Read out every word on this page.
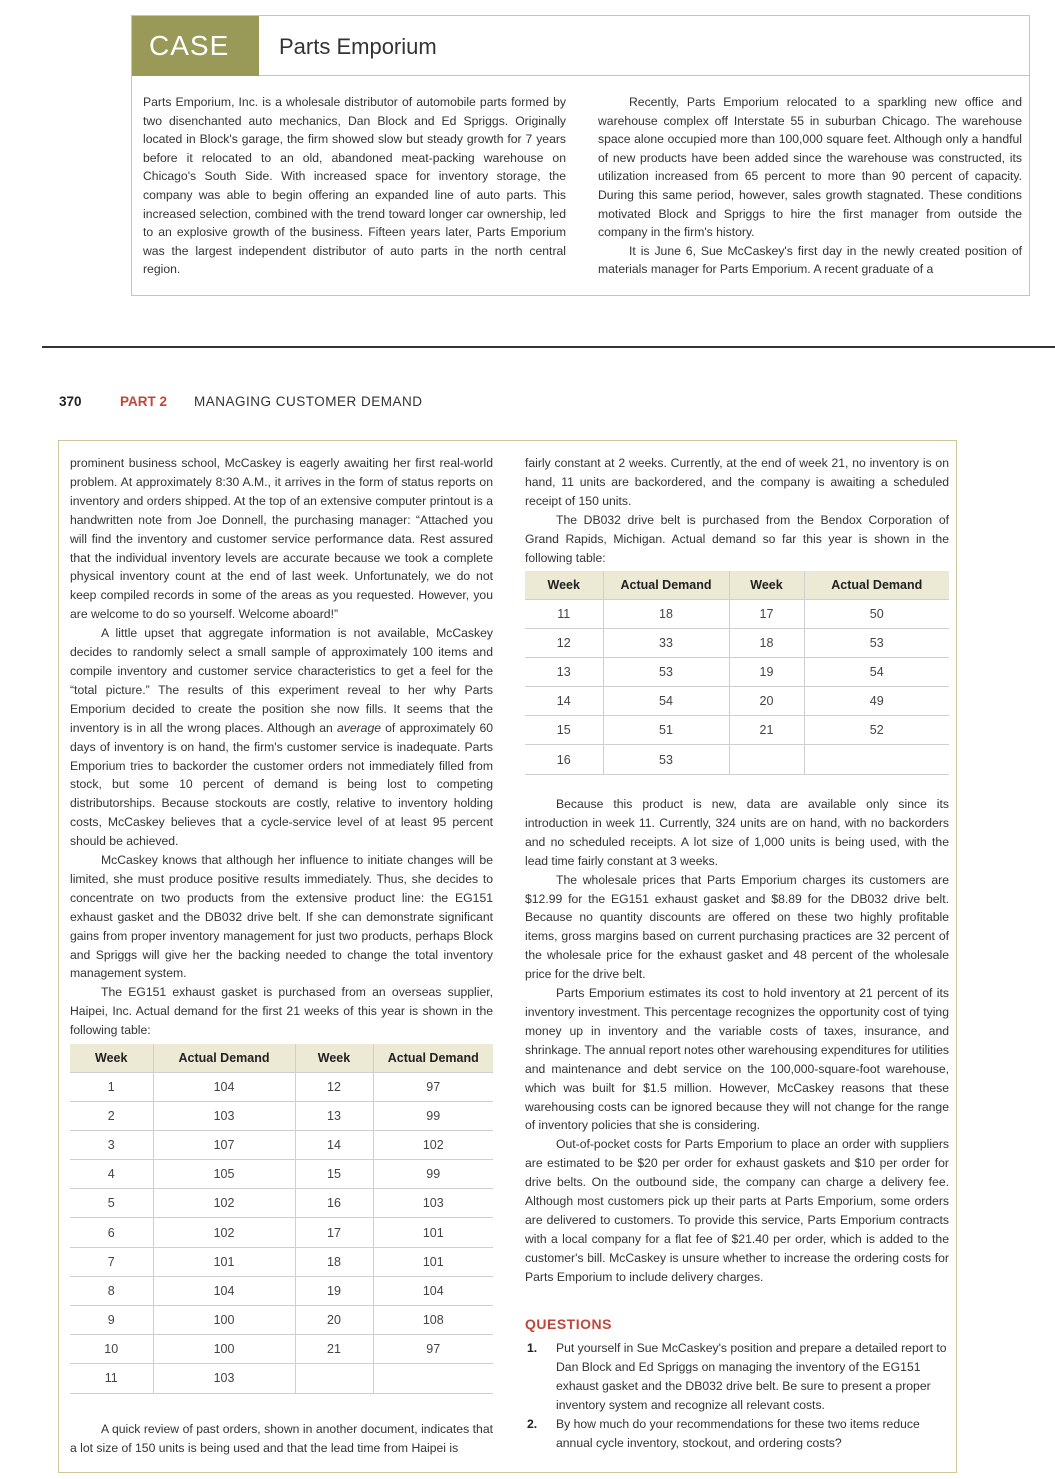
CASE	Parts Emporium
Parts Emporium, Inc. is a wholesale distributor of automobile parts formed by two disenchanted auto mechanics, Dan Block and Ed Spriggs. Originally located in Block's garage, the firm showed slow but steady growth for 7 years before it relocated to an old, abandoned meat-packing warehouse on Chicago's South Side. With increased space for inventory storage, the company was able to begin offering an expanded line of auto parts. This increased selection, combined with the trend toward longer car ownership, led to an explosive growth of the business. Fifteen years later, Parts Emporium was the largest independent distributor of auto parts in the north central region.

Recently, Parts Emporium relocated to a sparkling new office and warehouse complex off Interstate 55 in suburban Chicago. The warehouse space alone occupied more than 100,000 square feet. Although only a handful of new products have been added since the warehouse was constructed, its utilization increased from 65 percent to more than 90 percent of capacity. During this same period, however, sales growth stagnated. These conditions motivated Block and Spriggs to hire the first manager from outside the company in the firm's history.

It is June 6, Sue McCaskey's first day in the newly created position of materials manager for Parts Emporium. A recent graduate of a

370	PART 2 MANAGING CUSTOMER DEMAND

prominent business school, McCaskey is eagerly awaiting her first real-world problem. At approximately 8:30 A.M., it arrives in the form of status reports on inventory and orders shipped. At the top of an extensive computer printout is a handwritten note from Joe Donnell, the purchasing manager: “Attached you will find the inventory and customer service performance data. Rest assured that the individual inventory levels are accurate because we took a complete physical inventory count at the end of last week. Unfortunately, we do not keep compiled records in some of the areas as you requested. However, you are welcome to do so yourself. Welcome aboard!”

A little upset that aggregate information is not available, McCaskey decides to randomly select a small sample of approximately 100 items and compile inventory and customer service characteristics to get a feel for the “total picture.” The results of this experiment reveal to her why Parts Emporium decided to create the position she now fills. It seems that the inventory is in all the wrong places. Although an average of approximately 60 days of inventory is on hand, the firm's customer service is inadequate. Parts Emporium tries to backorder the customer orders not immediately filled from stock, but some 10 percent of demand is being lost to competing distributorships. Because stockouts are costly, relative to inventory holding costs, McCaskey believes that a cycle-service level of at least 95 percent should be achieved.

McCaskey knows that although her influence to initiate changes will be limited, she must produce positive results immediately. Thus, she decides to concentrate on two products from the extensive product line: the EG151 exhaust gasket and the DB032 drive belt. If she can demonstrate significant gains from proper inventory management for just two products, perhaps Block and Spriggs will give her the backing needed to change the total inventory management system.

The EG151 exhaust gasket is purchased from an overseas supplier, Haipei, Inc. Actual demand for the first 21 weeks of this year is shown in the following table:

Week	Actual Demand	Week	Actual Demand
1	104	12	97
2	103	13	99
3	107	14	102
4	105	15	99
5	102	16	103
6	102	17	101
7	101	18	101
8	104	19	104
9	100	20	108
10	100	21	97
11	103		

A quick review of past orders, shown in another document, indicates that a lot size of 150 units is being used and that the lead time from Haipei is

fairly constant at 2 weeks. Currently, at the end of week 21, no inventory is on hand, 11 units are backordered, and the company is awaiting a scheduled receipt of 150 units.

The DB032 drive belt is purchased from the Bendox Corporation of Grand Rapids, Michigan. Actual demand so far this year is shown in the following table:

Week	Actual Demand	Week	Actual Demand
11	18	17	50
12	33	18	53
13	53	19	54
14	54	20	49
15	51	21	52
16	53		

Because this product is new, data are available only since its introduction in week 11. Currently, 324 units are on hand, with no backorders and no scheduled receipts. A lot size of 1,000 units is being used, with the lead time fairly constant at 3 weeks.

The wholesale prices that Parts Emporium charges its customers are $12.99 for the EG151 exhaust gasket and $8.89 for the DB032 drive belt. Because no quantity discounts are offered on these two highly profitable items, gross margins based on current purchasing practices are 32 percent of the wholesale price for the exhaust gasket and 48 percent of the wholesale price for the drive belt.

Parts Emporium estimates its cost to hold inventory at 21 percent of its inventory investment. This percentage recognizes the opportunity cost of tying money up in inventory and the variable costs of taxes, insurance, and shrinkage. The annual report notes other warehousing expenditures for utilities and maintenance and debt service on the 100,000-square-foot warehouse, which was built for $1.5 million. However, McCaskey reasons that these warehousing costs can be ignored because they will not change for the range of inventory policies that she is considering.

Out-of-pocket costs for Parts Emporium to place an order with suppliers are estimated to be $20 per order for exhaust gaskets and $10 per order for drive belts. On the outbound side, the company can charge a delivery fee. Although most customers pick up their parts at Parts Emporium, some orders are delivered to customers. To provide this service, Parts Emporium contracts with a local company for a flat fee of $21.40 per order, which is added to the customer's bill. McCaskey is unsure whether to increase the ordering costs for Parts Emporium to include delivery charges.

QUESTIONS
1. Put yourself in Sue McCaskey's position and prepare a detailed report to Dan Block and Ed Spriggs on managing the inventory of the EG151 exhaust gasket and the DB032 drive belt. Be sure to present a proper inventory system and recognize all relevant costs.
2. By how much do your recommendations for these two items reduce annual cycle inventory, stockout, and ordering costs?
